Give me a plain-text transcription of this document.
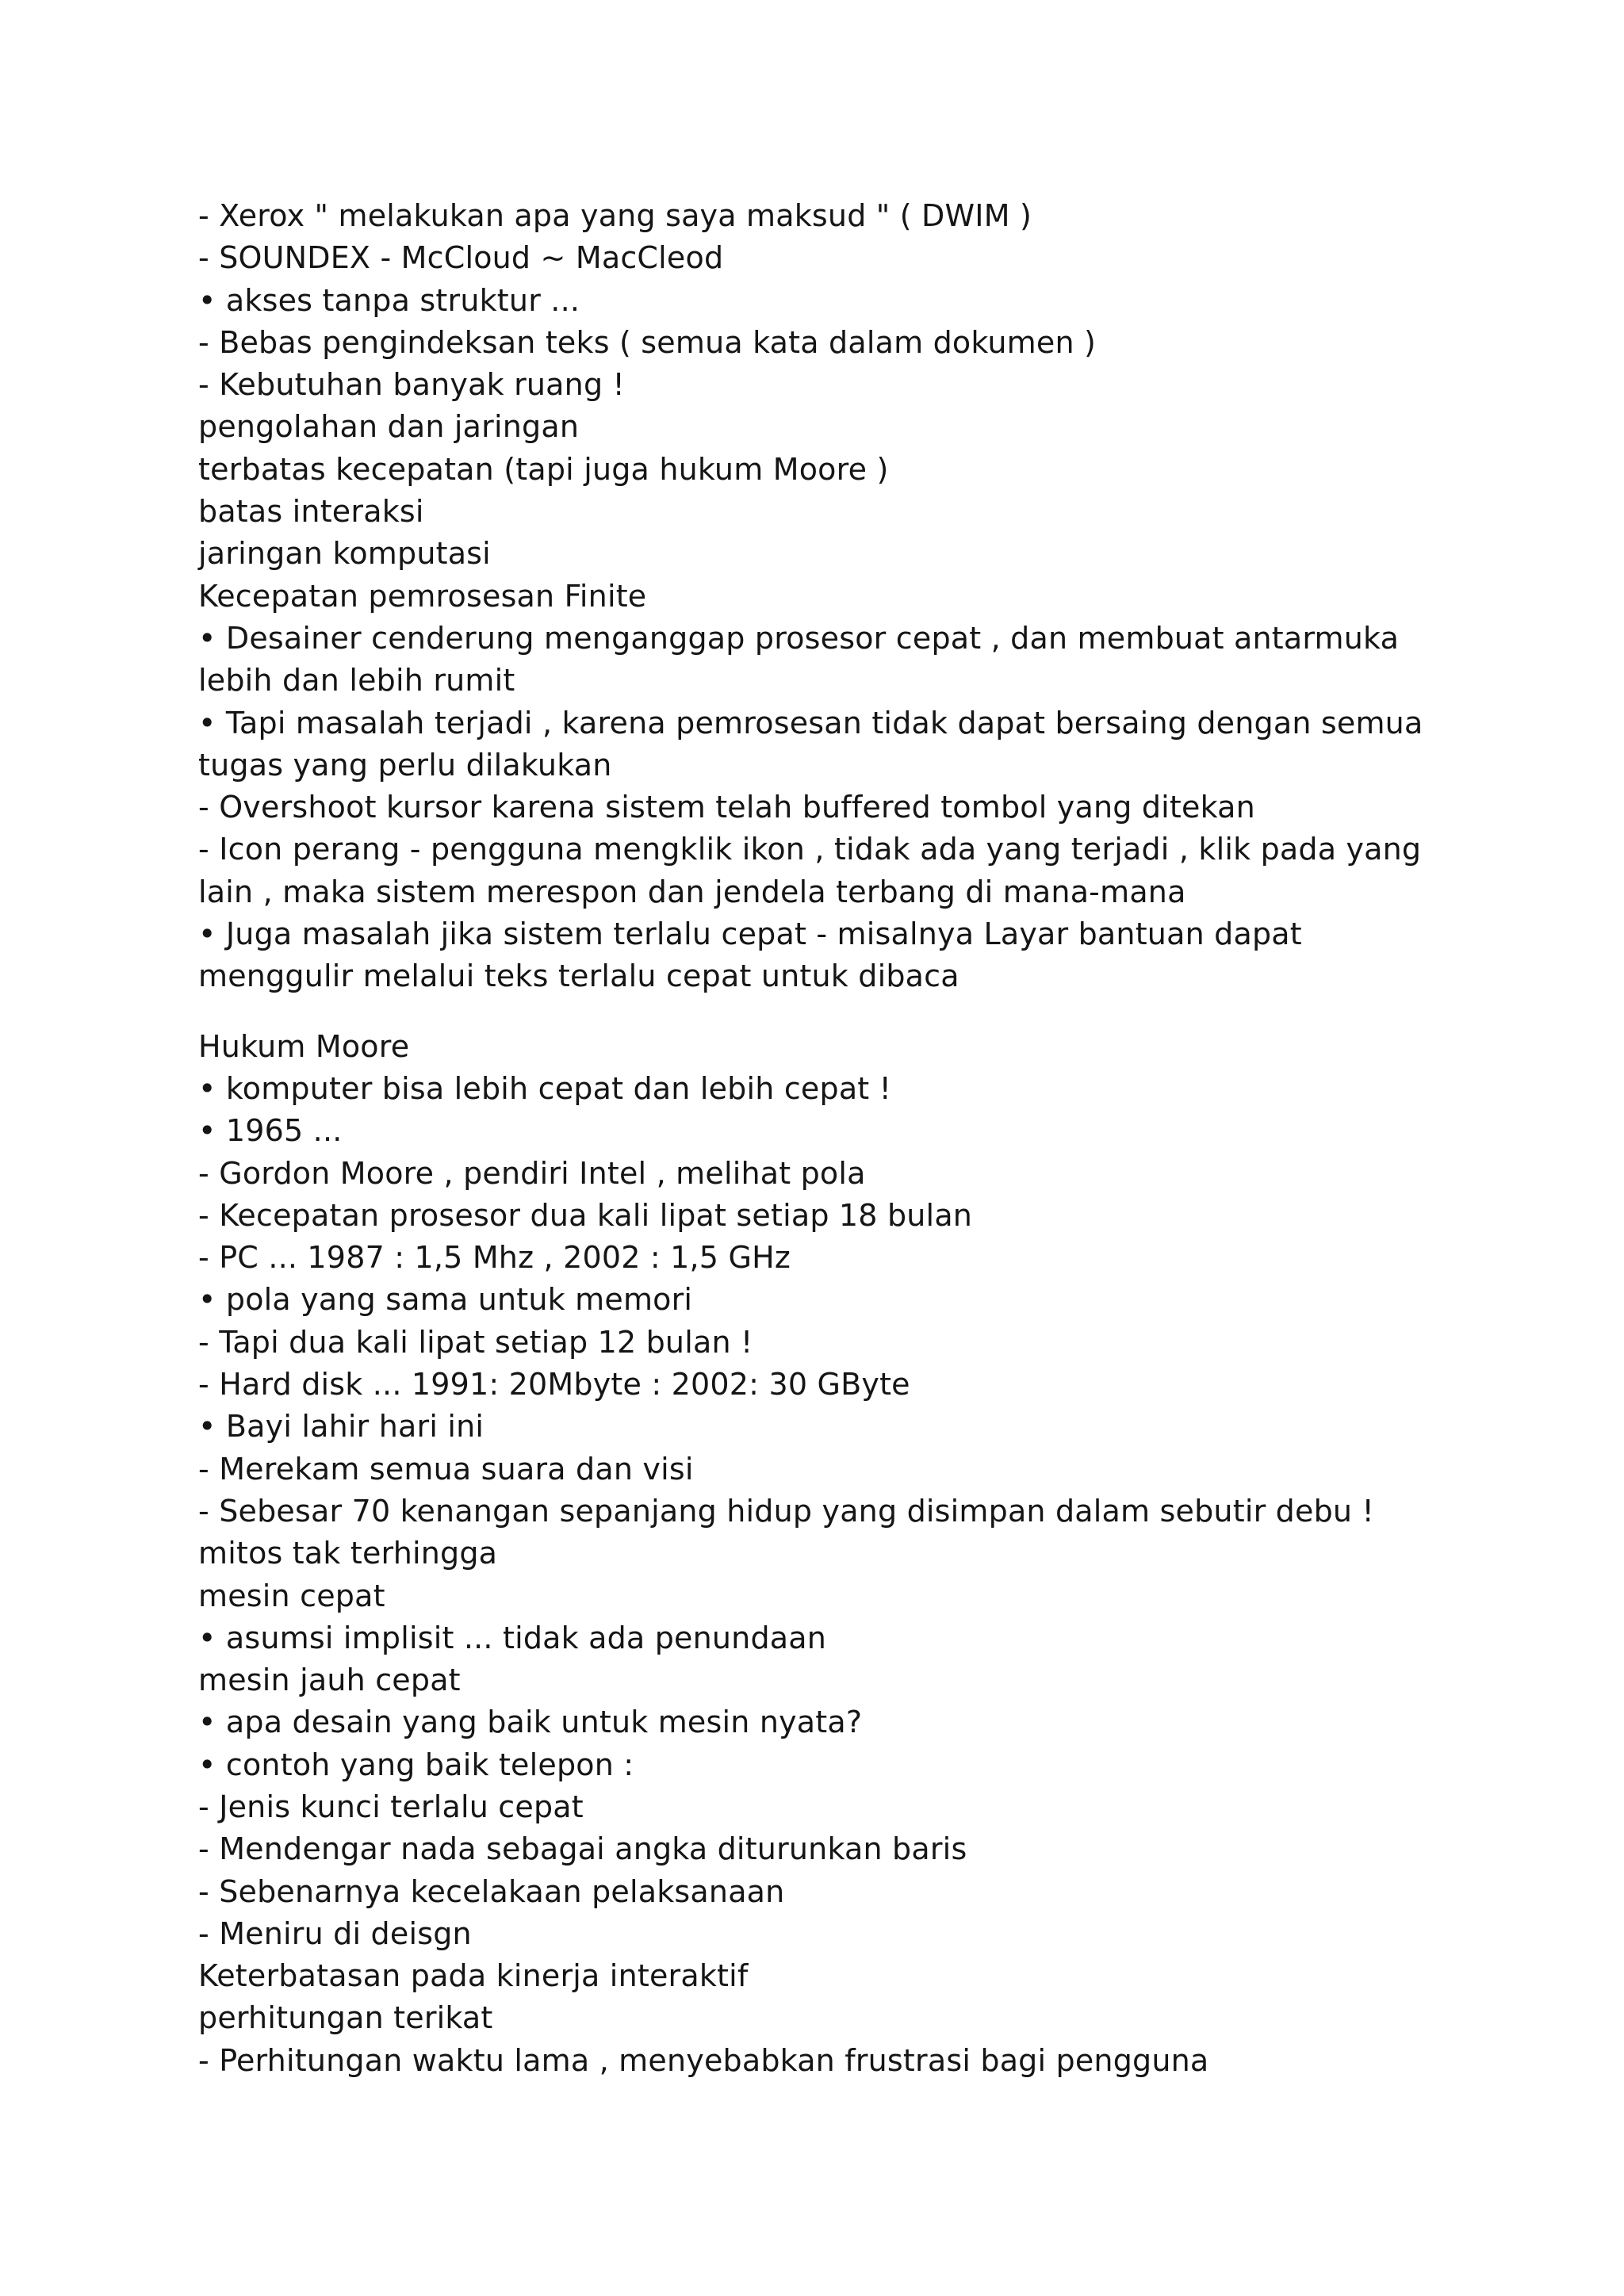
- Xerox " melakukan apa yang saya maksud " ( DWIM )
- SOUNDEX - McCloud ~ MacCleod
• akses tanpa struktur ...
- Bebas pengindeksan teks ( semua kata dalam dokumen )
- Kebutuhan banyak ruang !
pengolahan dan jaringan
terbatas kecepatan (tapi juga hukum Moore )
batas interaksi
jaringan komputasi
Kecepatan pemrosesan Finite
• Desainer cenderung menganggap prosesor cepat , dan membuat antarmuka
lebih dan lebih rumit
• Tapi masalah terjadi , karena pemrosesan tidak dapat bersaing dengan semua
tugas yang perlu dilakukan
- Overshoot kursor karena sistem telah buffered tombol yang ditekan
- Icon perang - pengguna mengklik ikon , tidak ada yang terjadi , klik pada yang
lain , maka sistem merespon dan jendela terbang di mana-mana
• Juga masalah jika sistem terlalu cepat - misalnya Layar bantuan dapat
menggulir melalui teks terlalu cepat untuk dibaca
Hukum Moore
• komputer bisa lebih cepat dan lebih cepat !
• 1965 ...
- Gordon Moore , pendiri Intel , melihat pola
- Kecepatan prosesor dua kali lipat setiap 18 bulan
- PC ... 1987 : 1,5 Mhz , 2002 : 1,5 GHz
• pola yang sama untuk memori
- Tapi dua kali lipat setiap 12 bulan !
- Hard disk ... 1991: 20Mbyte : 2002: 30 GByte
• Bayi lahir hari ini
- Merekam semua suara dan visi
- Sebesar 70 kenangan sepanjang hidup yang disimpan dalam sebutir debu !
mitos tak terhingga
mesin cepat
• asumsi implisit ... tidak ada penundaan
mesin jauh cepat
• apa desain yang baik untuk mesin nyata?
• contoh yang baik telepon :
- Jenis kunci terlalu cepat
- Mendengar nada sebagai angka diturunkan baris
- Sebenarnya kecelakaan pelaksanaan
- Meniru di deisgn
Keterbatasan pada kinerja interaktif
perhitungan terikat
- Perhitungan waktu lama , menyebabkan frustrasi bagi pengguna
